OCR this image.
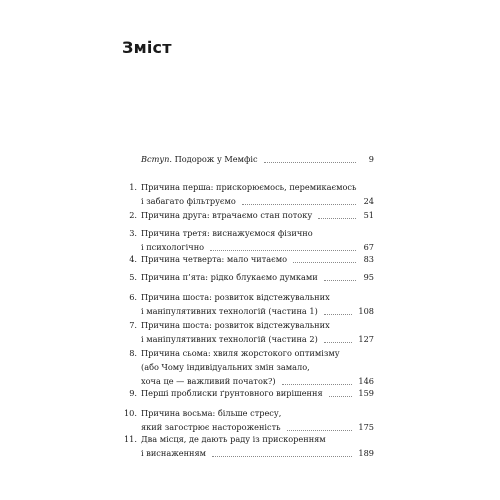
Зміст
Вступ. Подорож у Мемфіс	9
1. Причина перша: прискорюємось, перемикаємось
і забагато фільтруємо	24
2. Причина друга: втрачаємо стан потоку	51
3. Причина третя: виснажуємося фізично
і психологічно	67
4. Причина четверта: мало читаємо	83
5. Причина п’ята: рідко блукаємо думками	95
6. Причина шоста: розвиток відстежувальних
і маніпулятивних технологій (частина 1)	108
7. Причина шоста: розвиток відстежувальних
і маніпулятивних технологій (частина 2)	127
8. Причина сьома: хвиля жорстокого оптимізму
(або Чому індивідуальних змін замало,
хоча це — важливий початок?)	146
9. Перші проблиски ґрунтовного вирішення	159
10. Причина восьма: більше стресу,
який загострює настороженість	175
11. Два місця, де дають раду із прискоренням
і виснаженням	189
